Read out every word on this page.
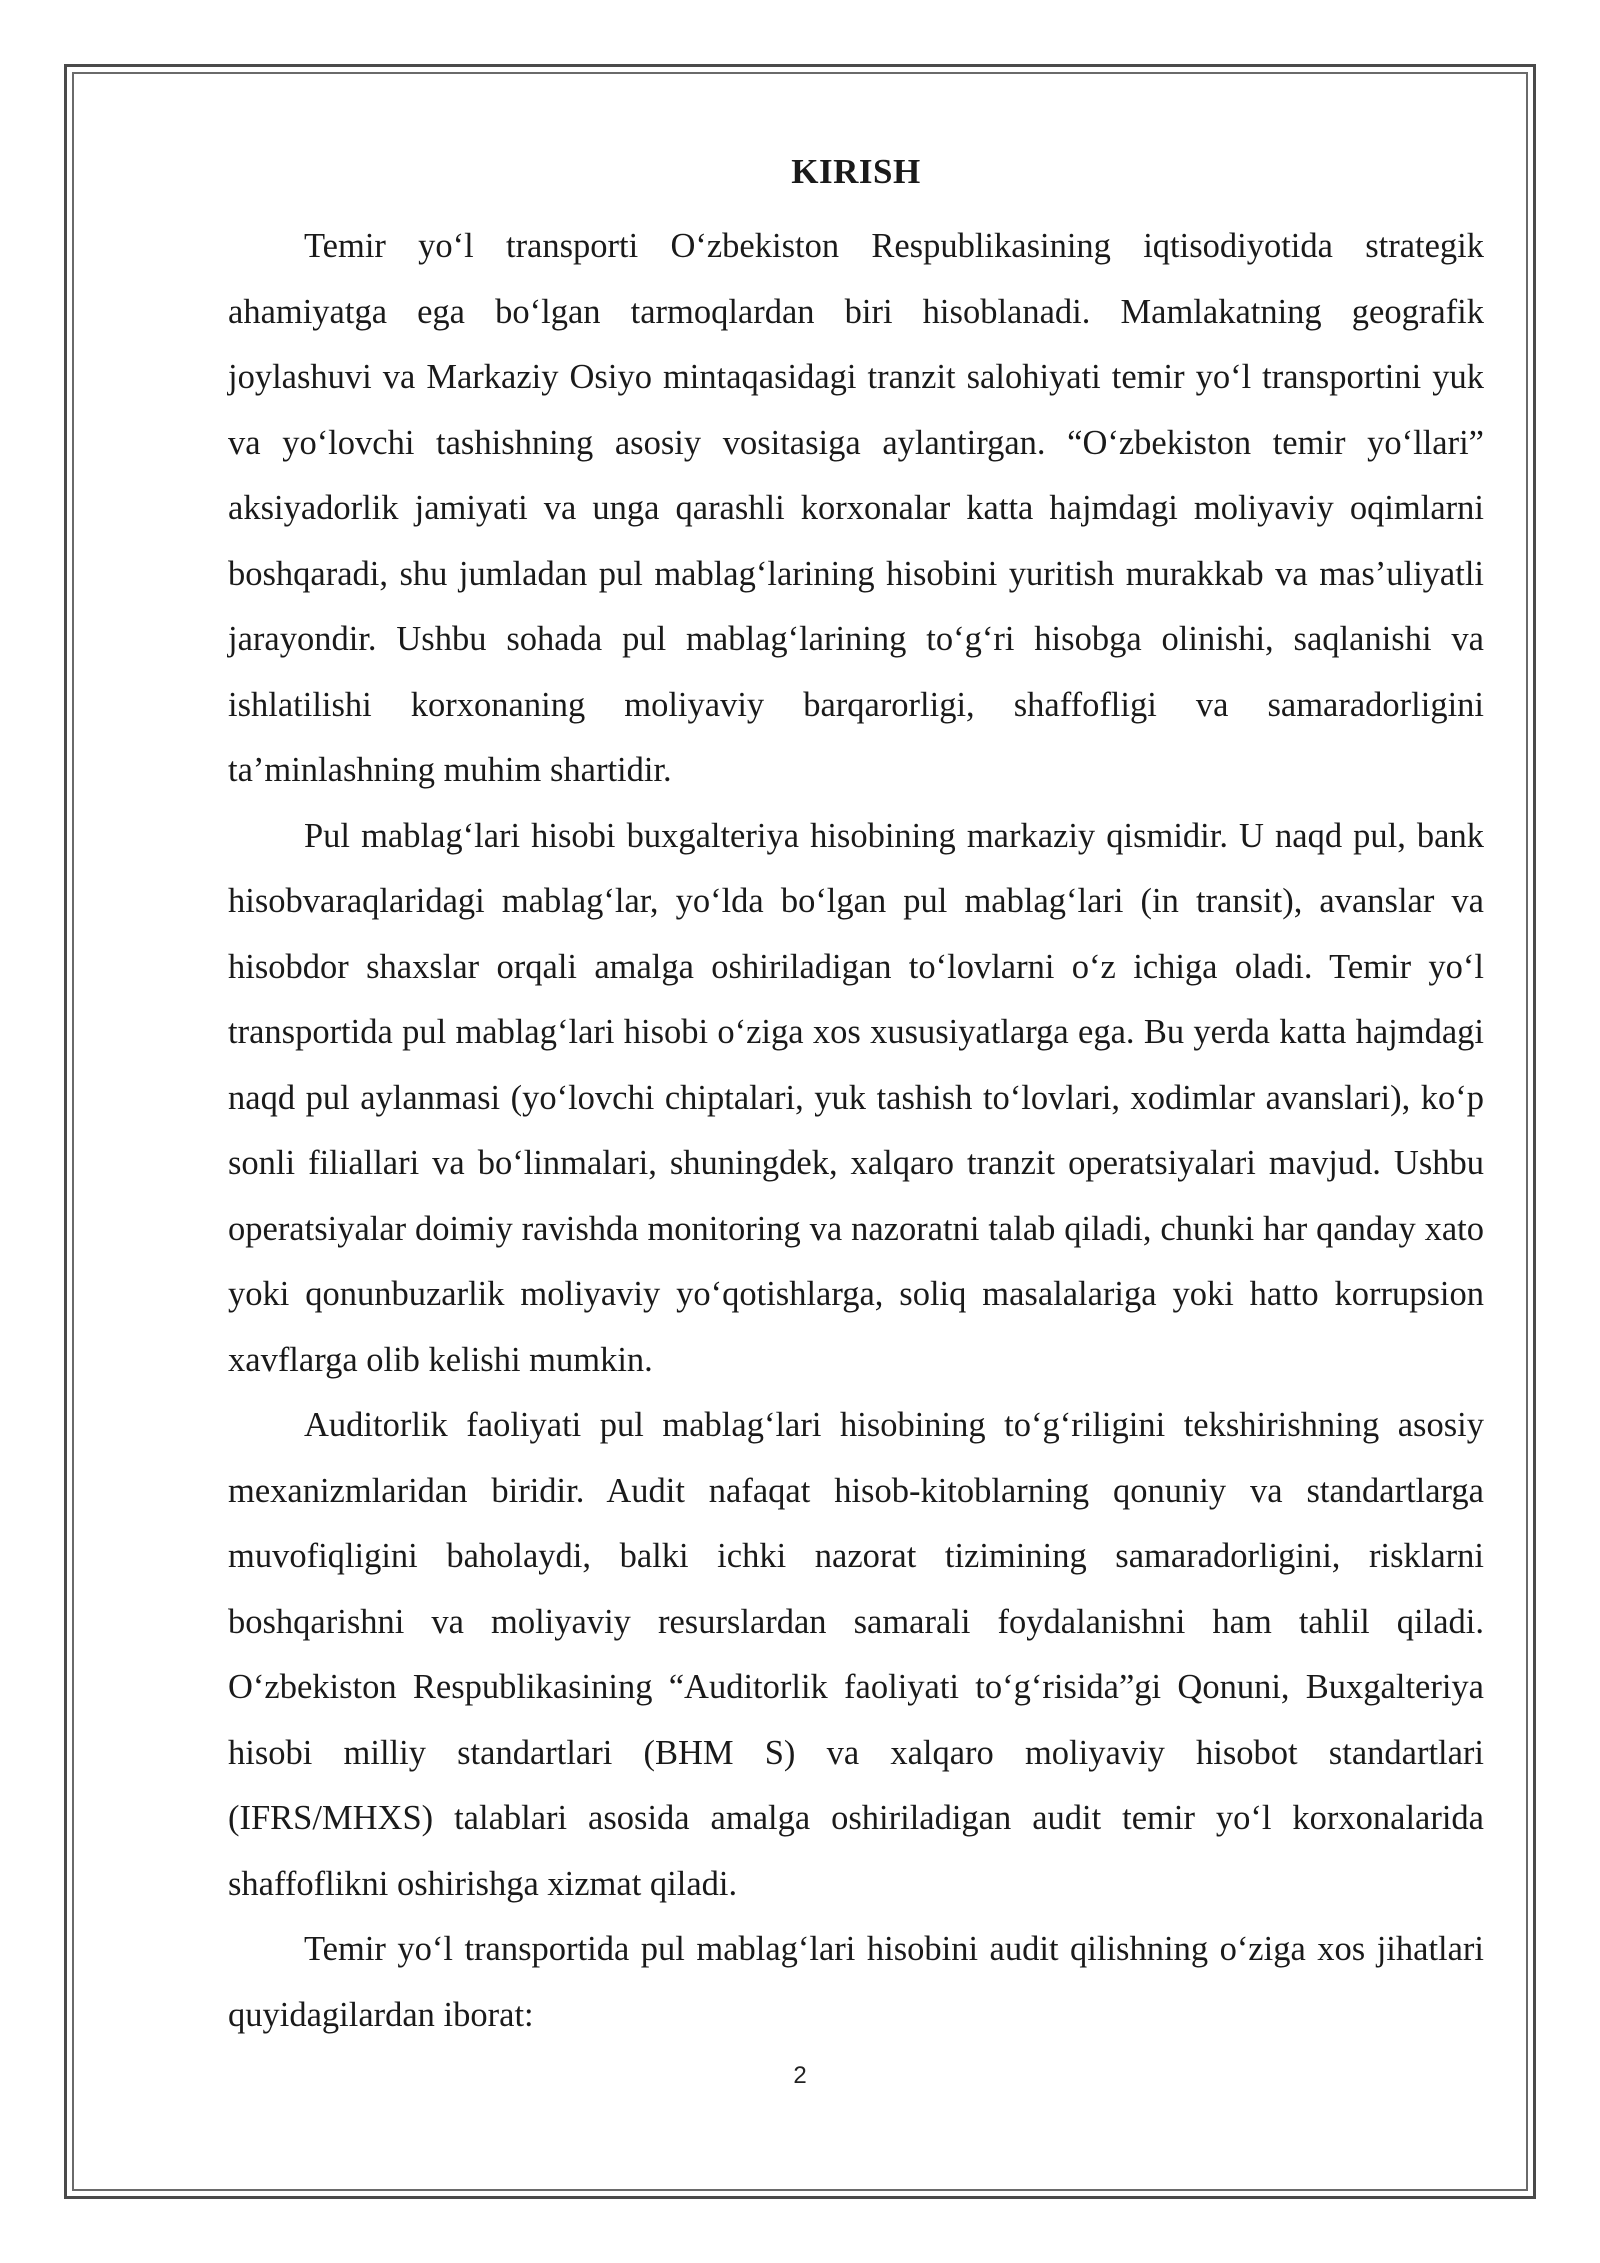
KIRISH

Temir yo‘l transporti O‘zbekiston Respublikasining iqtisodiyotida strategik ahamiyatga ega bo‘lgan tarmoqlardan biri hisoblanadi. Mamlakatning geografik joylashuvi va Markaziy Osiyo mintaqasidagi tranzit salohiyati temir yo‘l transportini yuk va yo‘lovchi tashishning asosiy vositasiga aylantirgan. “O‘zbekiston temir yo‘llari” aksiyadorlik jamiyati va unga qarashli korxonalar katta hajmdagi moliyaviy oqimlarni boshqaradi, shu jumladan pul mablag‘larining hisobini yuritish murakkab va mas’uliyatli jarayondir. Ushbu sohada pul mablag‘larining to‘g‘ri hisobga olinishi, saqlanishi va ishlatilishi korxonaning moliyaviy barqarorligi, shaffofligi va samaradorligini ta’minlashning muhim shartidir.

Pul mablag‘lari hisobi buxgalteriya hisobining markaziy qismidir. U naqd pul, bank hisobvaraqlaridagi mablag‘lar, yo‘lda bo‘lgan pul mablag‘lari (in transit), avanslar va hisobdor shaxslar orqali amalga oshiriladigan to‘lovlarni o‘z ichiga oladi. Temir yo‘l transportida pul mablag‘lari hisobi o‘ziga xos xususiyatlarga ega. Bu yerda katta hajmdagi naqd pul aylanmasi (yo‘lovchi chiptalari, yuk tashish to‘lovlari, xodimlar avanslari), ko‘p sonli filiallari va bo‘linmalari, shuningdek, xalqaro tranzit operatsiyalari mavjud. Ushbu operatsiyalar doimiy ravishda monitoring va nazoratni talab qiladi, chunki har qanday xato yoki qonunbuzarlik moliyaviy yo‘qotishlarga, soliq masalalariga yoki hatto korrupsion xavflarga olib kelishi mumkin.

Auditorlik faoliyati pul mablag‘lari hisobining to‘g‘riligini tekshirishning asosiy mexanizmlaridan biridir. Audit nafaqat hisob-kitoblarning qonuniy va standartlarga muvofiqligini baholaydi, balki ichki nazorat tizimining samaradorligini, risklarni boshqarishni va moliyaviy resurslardan samarali foydalanishni ham tahlil qiladi. O‘zbekiston Respublikasining “Auditorlik faoliyati to‘g‘risida”gi Qonuni, Buxgalteriya hisobi milliy standartlari (BHM S) va xalqaro moliyaviy hisobot standartlari (IFRS/MHXS) talablari asosida amalga oshiriladigan audit temir yo‘l korxonalarida shaffoflikni oshirishga xizmat qiladi.

Temir yo‘l transportida pul mablag‘lari hisobini audit qilishning o‘ziga xos jihatlari quyidagilardan iborat:

2
